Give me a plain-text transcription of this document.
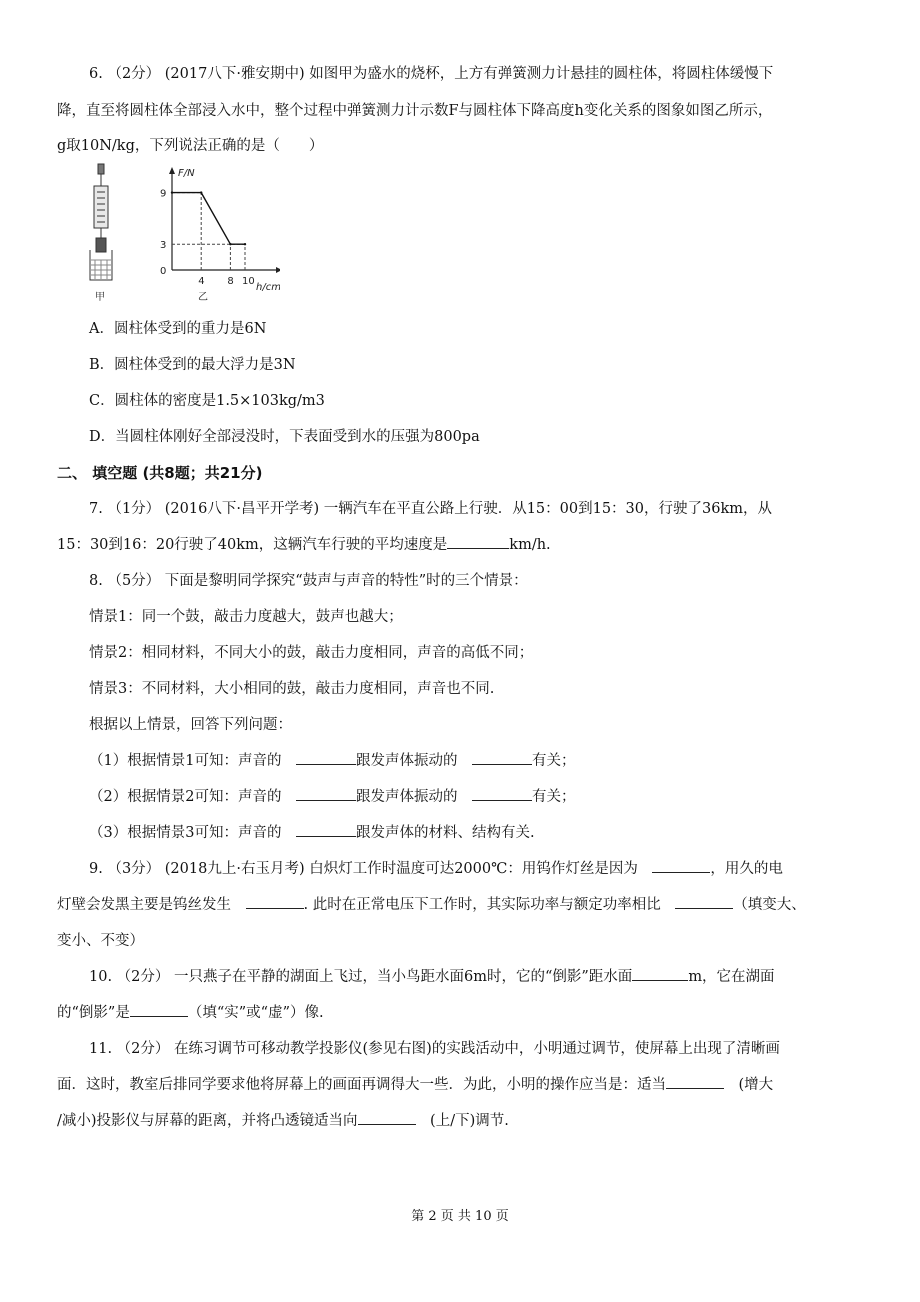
6. （2分） (2017八下·雅安期中) 如图甲为盛水的烧杯，上方有弹簧测力计悬挂的圆柱体，将圆柱体缓慢下
降，直至将圆柱体全部浸入水中，整个过程中弹簧测力计示数F与圆柱体下降高度h变化关系的图象如图乙所示，
g取10N/kg，下列说法正确的是（　　）
甲
F/N
h/cm
0
9
3
4 8 10
乙
A．圆柱体受到的重力是6N
B．圆柱体受到的最大浮力是3N
C．圆柱体的密度是1.5×103kg/m3
D．当圆柱体刚好全部浸没时，下表面受到水的压强为800pa
二、 填空题 (共8题；共21分)
7. （1分） (2016八下·昌平开学考) 一辆汽车在平直公路上行驶．从15：00到15：30，行驶了36km，从
15：30到16：20行驶了40km，这辆汽车行驶的平均速度是	km/h.
8. （5分） 下面是黎明同学探究“鼓声与声音的特性”时的三个情景：
情景1：同一个鼓，敲击力度越大，鼓声也越大；
情景2：相同材料，不同大小的鼓，敲击力度相同，声音的高低不同；
情景3：不同材料，大小相同的鼓，敲击力度相同，声音也不同.
根据以上情景，回答下列问题：
（1）根据情景1可知：声音的　	跟发声体振动的　	有关；
（2）根据情景2可知：声音的　	跟发声体振动的　	有关；
（3）根据情景3可知：声音的　	跟发声体的材料、结构有关.
9. （3分） (2018九上·右玉月考) 白炽灯工作时温度可达2000℃：用钨作灯丝是因为　	，用久的电
灯壁会发黑主要是钨丝发生　	. 此时在正常电压下工作时，其实际功率与额定功率相比　	（填变大、
变小、不变）
10. （2分） 一只燕子在平静的湖面上飞过，当小鸟距水面6m时，它的“倒影”距水面	m，它在湖面
的“倒影”是	（填“实”或“虚”）像.
11. （2分） 在练习调节可移动教学投影仪(参见右图)的实践活动中，小明通过调节，使屏幕上出现了清晰画
面．这时，教室后排同学要求他将屏幕上的画面再调得大一些．为此，小明的操作应当是：适当　	(增大
/减小)投影仪与屏幕的距离，并将凸透镜适当向　	(上/下)调节.
第 2 页 共 10 页
